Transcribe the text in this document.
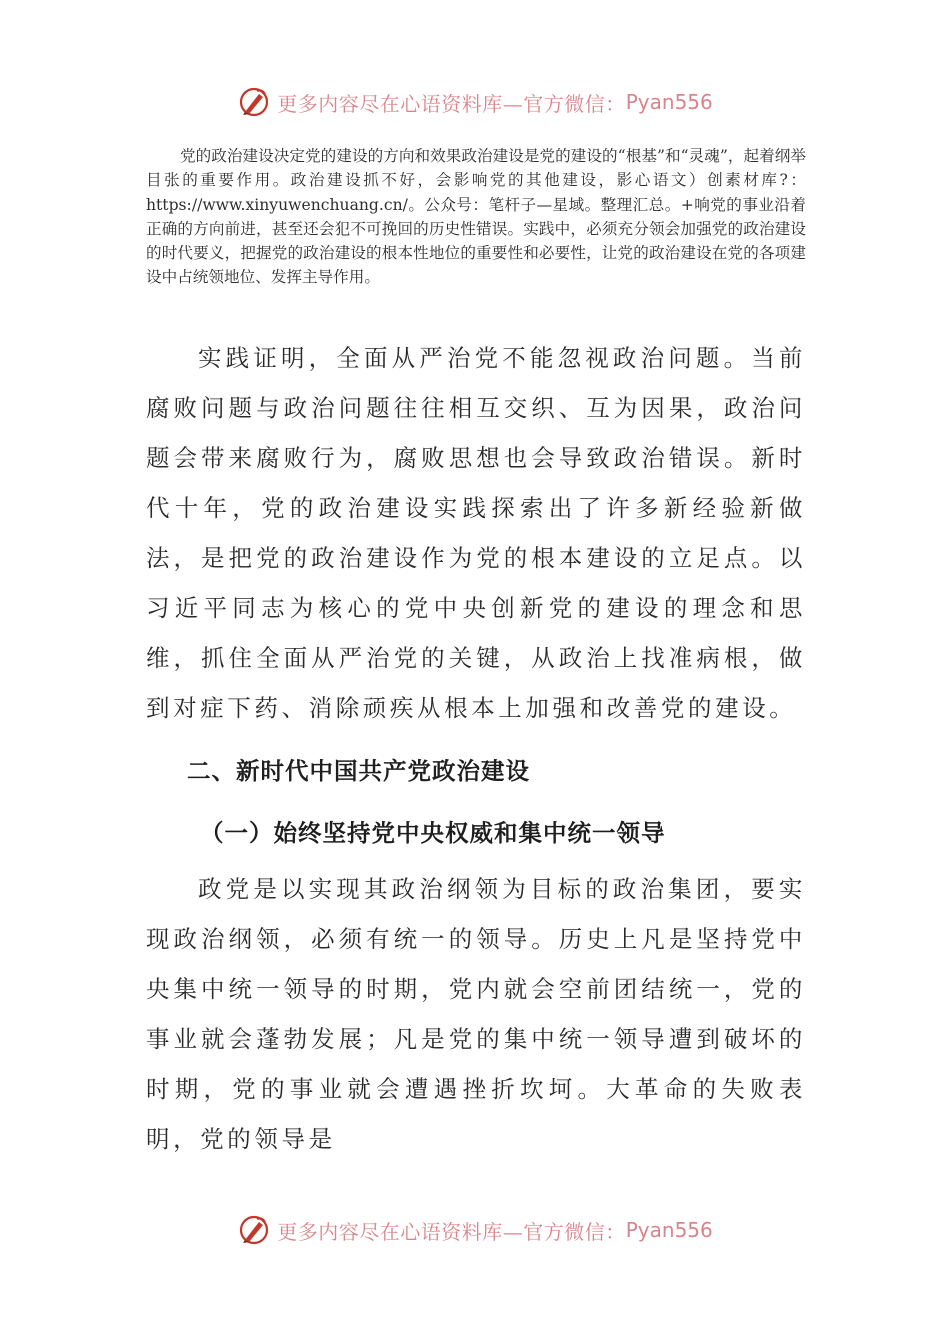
更多内容尽在心语资料库—官方微信： Pyan556

党的政治建设决定党的建设的方向和效果政治建设是党的建设的“根基”和“灵魂”，起着纲举目张的重要作用。政治建设抓不好，会影响党的其他建设，影心语文）创素材库?：https://www.xinyuwenchuang.cn/。公众号：笔杆子—星域。整理汇总。+响党的事业沿着正确的方向前进，甚至还会犯不可挽回的历史性错误。实践中，必须充分领会加强党的政治建设的时代要义，把握党的政治建设的根本性地位的重要性和必要性，让党的政治建设在党的各项建设中占统领地位、发挥主导作用。

实践证明，全面从严治党不能忽视政治问题。当前腐败问题与政治问题往往相互交织、互为因果，政治问题会带来腐败行为，腐败思想也会导致政治错误。新时代十年，党的政治建设实践探索出了许多新经验新做法，是把党的政治建设作为党的根本建设的立足点。以习近平同志为核心的党中央创新党的建设的理念和思维，抓住全面从严治党的关键，从政治上找准病根，做到对症下药、消除顽疾从根本上加强和改善党的建设。

二、新时代中国共产党政治建设
（一）始终坚持党中央权威和集中统一领导

政党是以实现其政治纲领为目标的政治集团，要实现政治纲领，必须有统一的领导。历史上凡是坚持党中央集中统一领导的时期，党内就会空前团结统一，党的事业就会蓬勃发展；凡是党的集中统一领导遭到破坏的时期，党的事业就会遭遇挫折坎坷。大革命的失败表明，党的领导是

更多内容尽在心语资料库—官方微信： Pyan556
